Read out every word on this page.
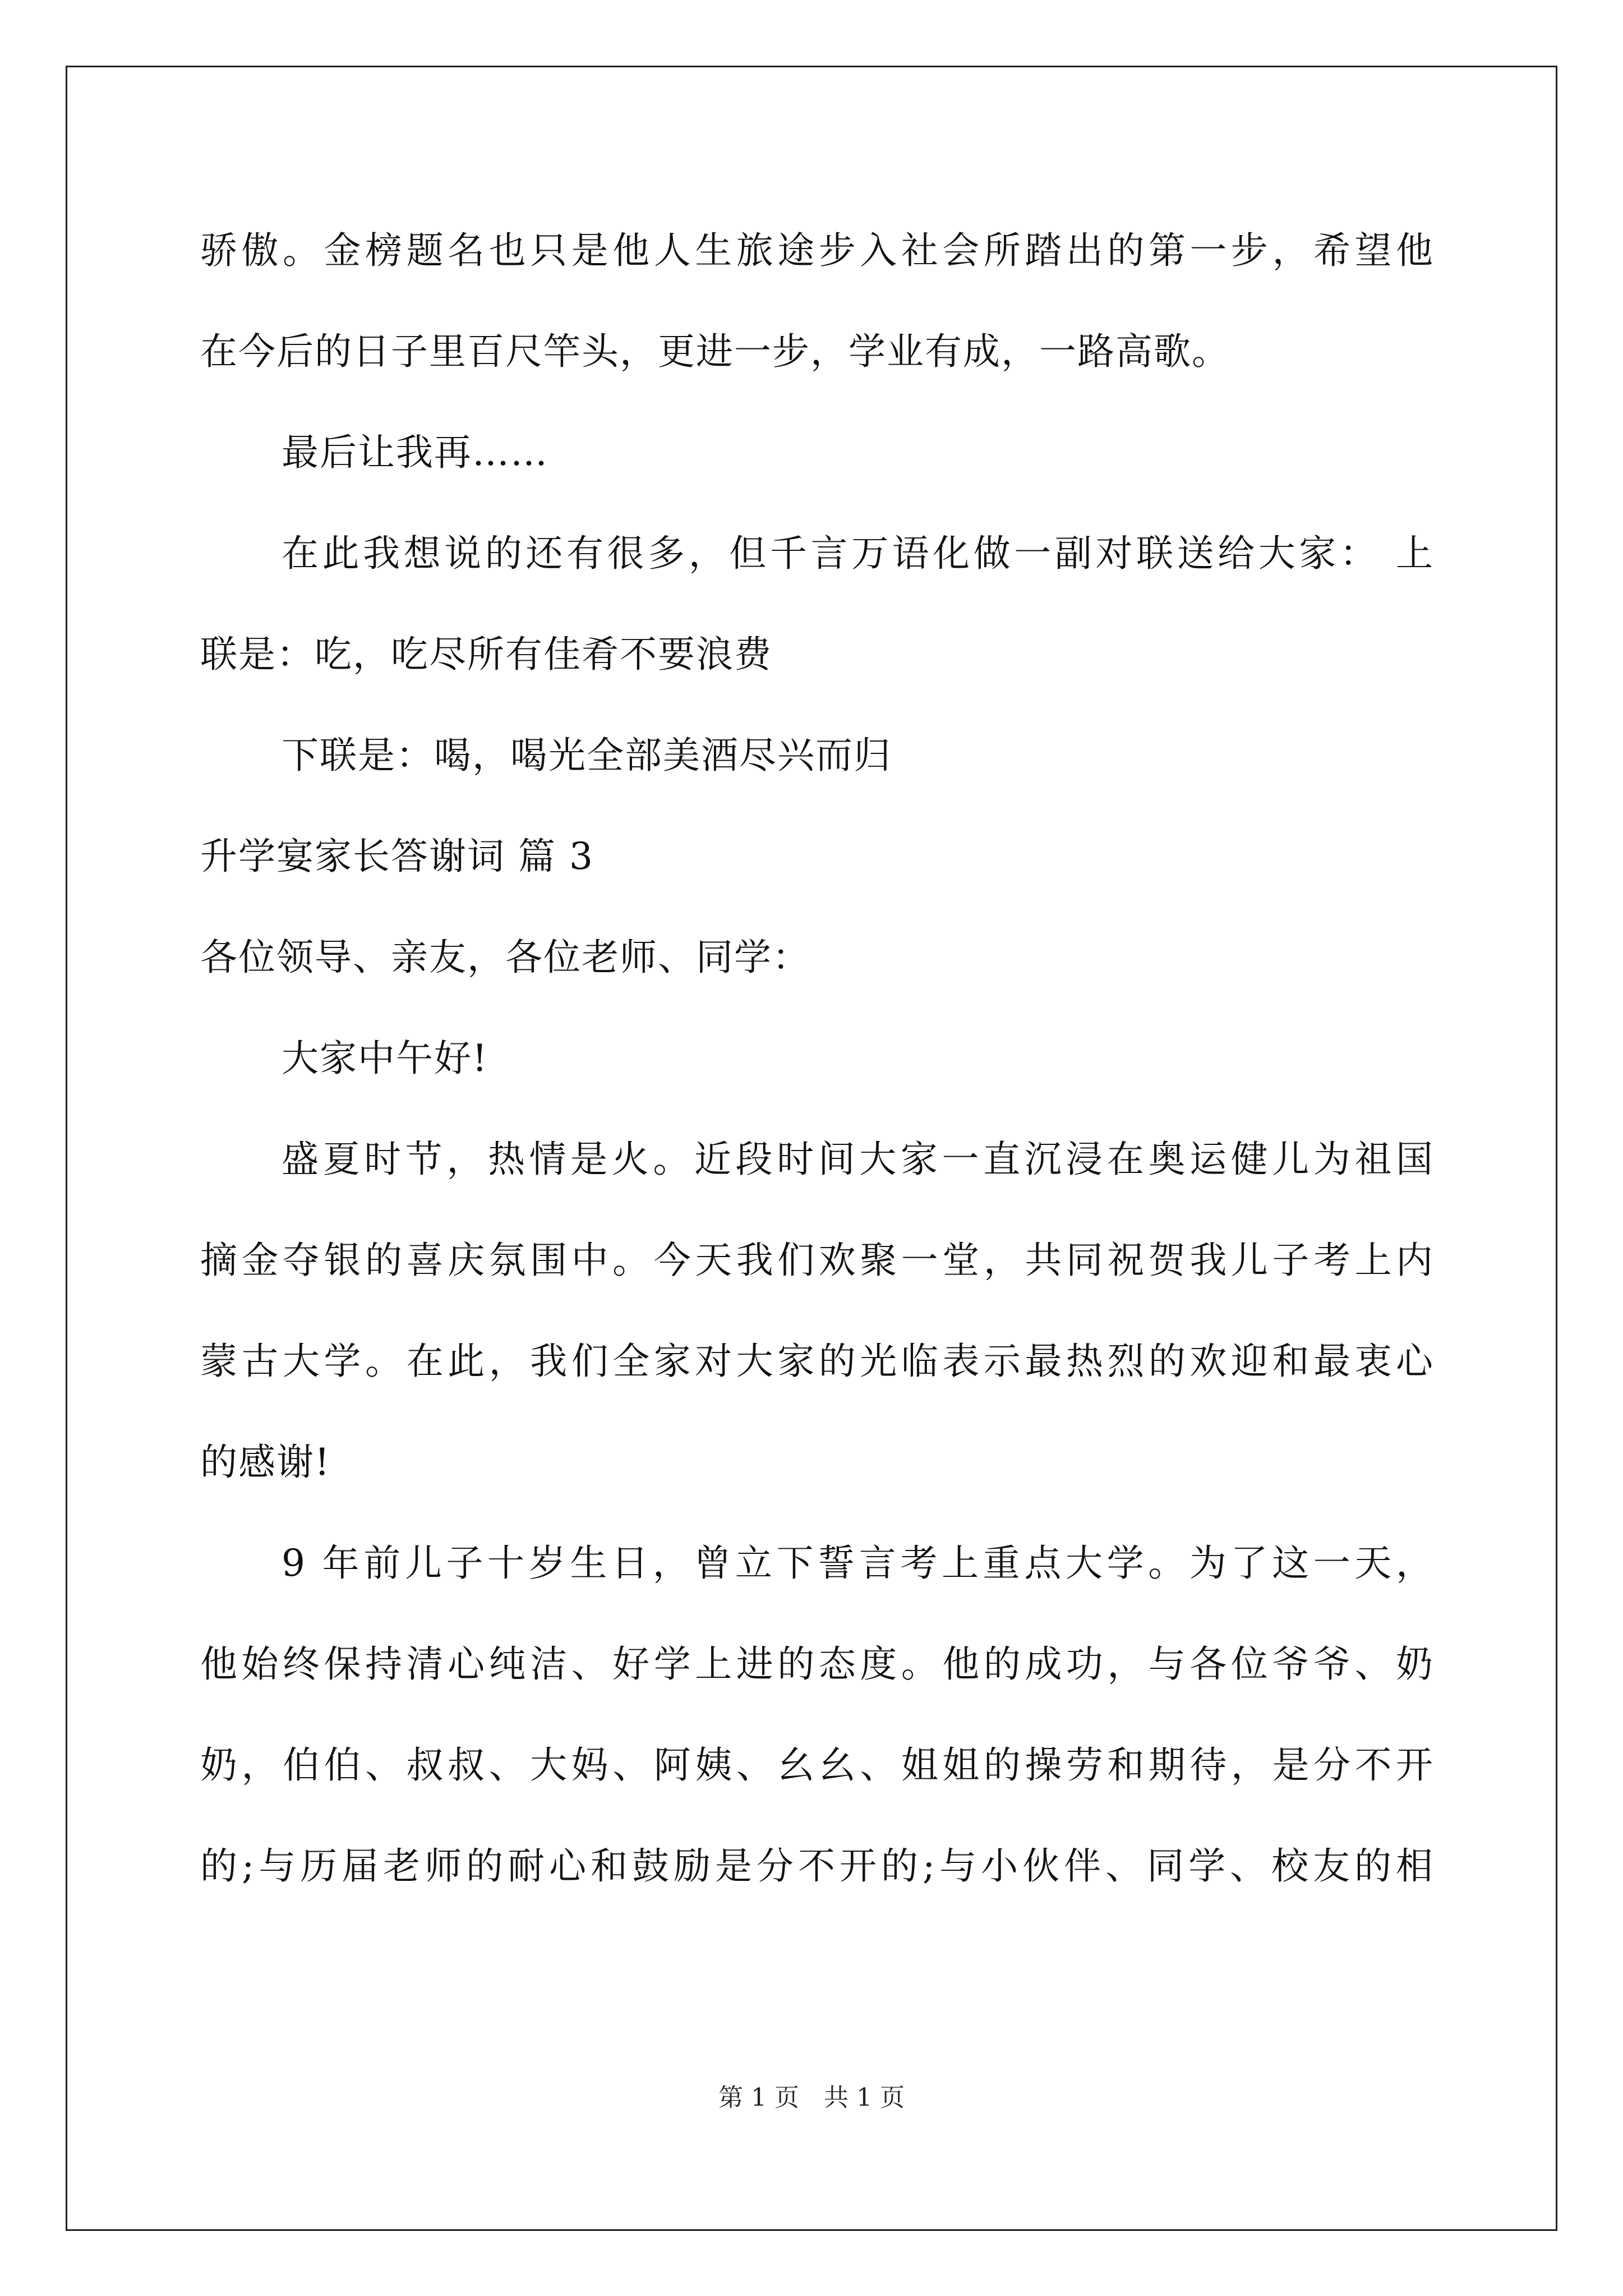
骄傲。金榜题名也只是他人生旅途步入社会所踏出的第一步，希望他
在今后的日子里百尺竿头，更进一步，学业有成，一路高歌。
最后让我再……
在此我想说的还有很多，但千言万语化做一副对联送给大家： 上
联是：吃，吃尽所有佳肴不要浪费
下联是：喝，喝光全部美酒尽兴而归
升学宴家长答谢词 篇 3
各位领导、亲友，各位老师、同学：
大家中午好!
盛夏时节，热情是火。近段时间大家一直沉浸在奥运健儿为祖国
摘金夺银的喜庆氛围中。今天我们欢聚一堂，共同祝贺我儿子考上内
蒙古大学。在此，我们全家对大家的光临表示最热烈的欢迎和最衷心
的感谢!
9 年前儿子十岁生日，曾立下誓言考上重点大学。为了这一天，
他始终保持清心纯洁、好学上进的态度。他的成功，与各位爷爷、奶
奶，伯伯、叔叔、大妈、阿姨、幺幺、姐姐的操劳和期待，是分不开
的;与历届老师的耐心和鼓励是分不开的;与小伙伴、同学、校友的相
第 1 页　共 1 页
